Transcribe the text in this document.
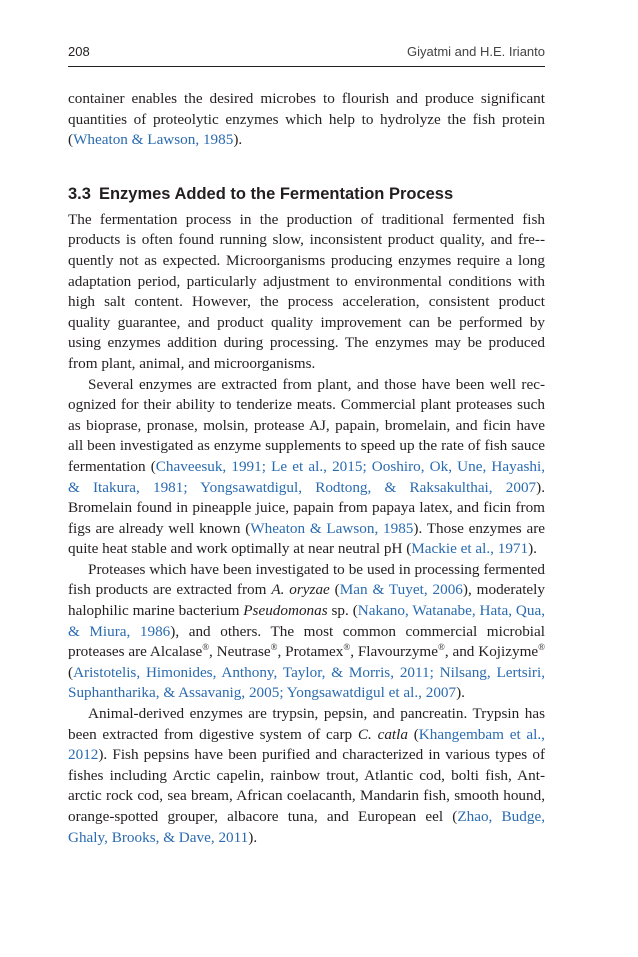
208	Giyatmi and H.E. Irianto

container enables the desired microbes to flourish and produce significant quantities of proteolytic enzymes which help to hydrolyze the fish protein (Wheaton & Lawson, 1985).

3.3 Enzymes Added to the Fermentation Process

The fermentation process in the production of traditional fermented fish products is often found running slow, inconsistent product quality, and fre-quently not as expected. Microorganisms producing enzymes require a long adaptation period, particularly adjustment to environmental conditions with high salt content. However, the process acceleration, consistent product quality guarantee, and product quality improvement can be performed by using enzymes addition during processing. The enzymes may be produced from plant, animal, and microorganisms.

Several enzymes are extracted from plant, and those have been well recognized for their ability to tenderize meats. Commercial plant proteases such as bioprase, pronase, molsin, protease AJ, papain, bromelain, and ficin have all been investigated as enzyme supplements to speed up the rate of fish sauce fermentation (Chaveesuk, 1991; Le et al., 2015; Ooshiro, Ok, Une, Hayashi, & Itakura, 1981; Yongsawatdigul, Rodtong, & Raksakulthai, 2007). Bromelain found in pineapple juice, papain from papaya latex, and ficin from figs are already well known (Wheaton & Lawson, 1985). Those enzymes are quite heat stable and work optimally at near neutral pH (Mackie et al., 1971).

Proteases which have been investigated to be used in processing fermented fish products are extracted from A. oryzae (Man & Tuyet, 2006), moderately halophilic marine bacterium Pseudomonas sp. (Nakano, Watanabe, Hata, Qua, & Miura, 1986), and others. The most common commercial microbial proteases are Alcalase®, Neutrase®, Protamex®, Flavourzyme®, and Kojizyme® (Aristotelis, Himonides, Anthony, Taylor, & Morris, 2011; Nilsang, Lertsiri, Suphantharika, & Assavanig, 2005; Yongsawatdigul et al., 2007).

Animal-derived enzymes are trypsin, pepsin, and pancreatin. Trypsin has been extracted from digestive system of carp C. catla (Khangembam et al., 2012). Fish pepsins have been purified and characterized in various types of fishes including Arctic capelin, rainbow trout, Atlantic cod, bolti fish, Antarctic rock cod, sea bream, African coelacanth, Mandarin fish, smooth hound, orange-spotted grouper, albacore tuna, and European eel (Zhao, Budge, Ghaly, Brooks, & Dave, 2011).
